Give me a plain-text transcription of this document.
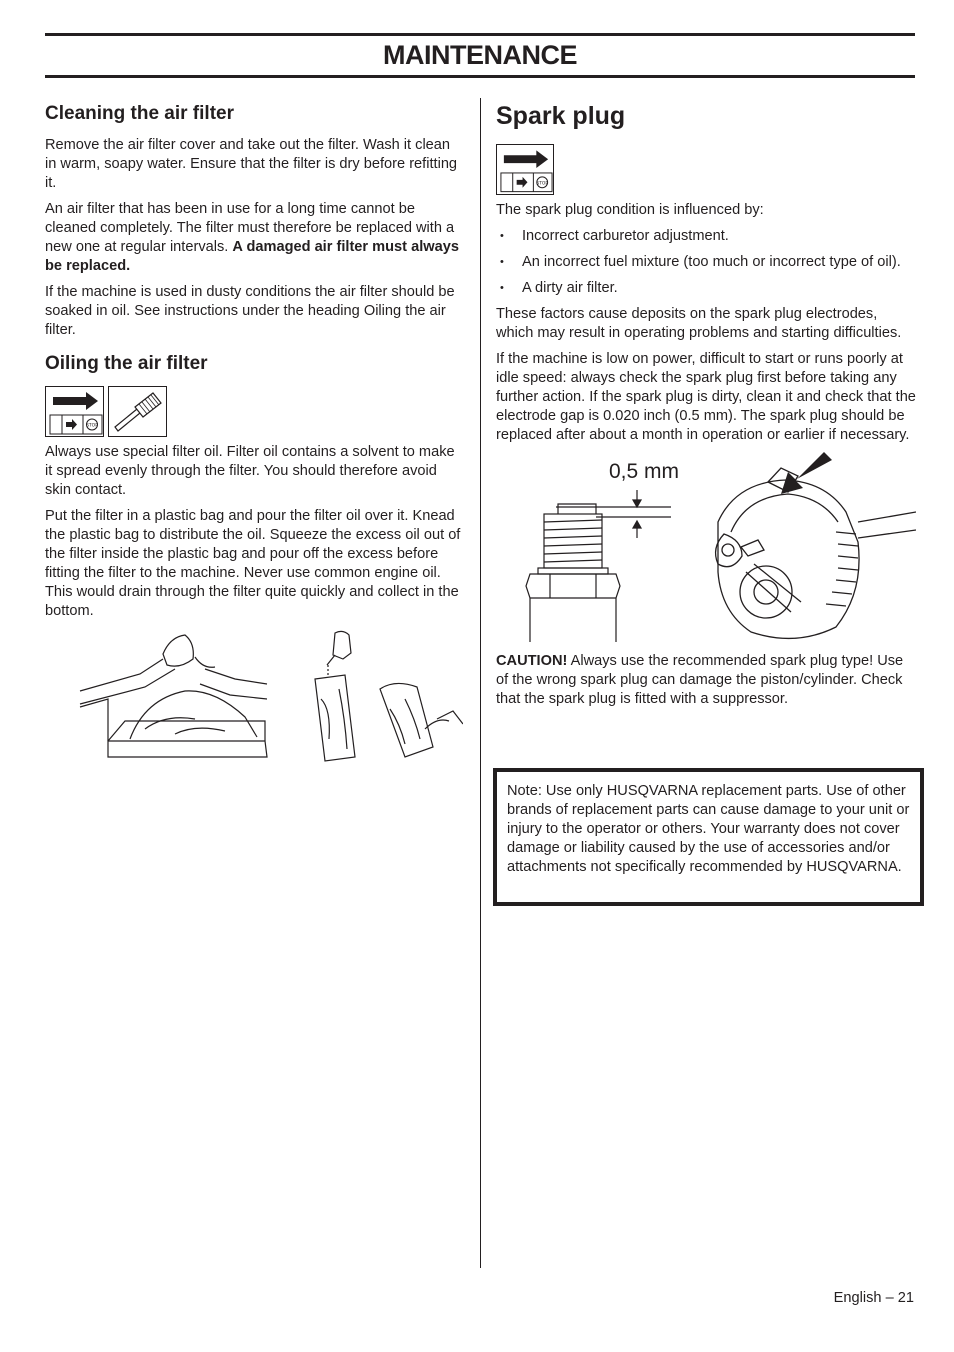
MAINTENANCE
Cleaning the air filter

Remove the air filter cover and take out the filter. Wash it clean in warm, soapy water. Ensure that the filter is dry before refitting it.

An air filter that has been in use for a long time cannot be cleaned completely. The filter must therefore be replaced with a new one at regular intervals. A damaged air filter must always be replaced.

If the machine is used in dusty conditions the air filter should be soaked in oil. See instructions under the heading Oiling the air filter.

Oiling the air filter
STOP

Always use special filter oil. Filter oil contains a solvent to make it spread evenly through the filter. You should therefore avoid skin contact.

Put the filter in a plastic bag and pour the filter oil over it. Knead the plastic bag to distribute the oil. Squeeze the excess oil out of the filter inside the plastic bag and pour off the excess before fitting the filter to the machine. Never use common engine oil. This would drain through the filter quite quickly and collect in the bottom.

Spark plug
STOP

The spark plug condition is influenced by:

• Incorrect carburetor adjustment.
• An incorrect fuel mixture (too much or incorrect type of oil).
• A dirty air filter.

These factors cause deposits on the spark plug electrodes, which may result in operating problems and starting difficulties.

If the machine is low on power, difficult to start or runs poorly at idle speed: always check the spark plug first before taking any further action. If the spark plug is dirty, clean it and check that the electrode gap is 0.020 inch (0.5 mm). The spark plug should be replaced after about a month in operation or earlier if necessary.

0,5 mm

CAUTION! Always use the recommended spark plug type! Use of the wrong spark plug can damage the piston/cylinder. Check that the spark plug is fitted with a suppressor.

Note: Use only HUSQVARNA replacement parts. Use of other brands of replacement parts can cause damage to your unit or injury to the operator or others. Your warranty does not cover damage or liability caused by the use of accessories and/or attachments not specifically recommended by HUSQVARNA.
English – 21
